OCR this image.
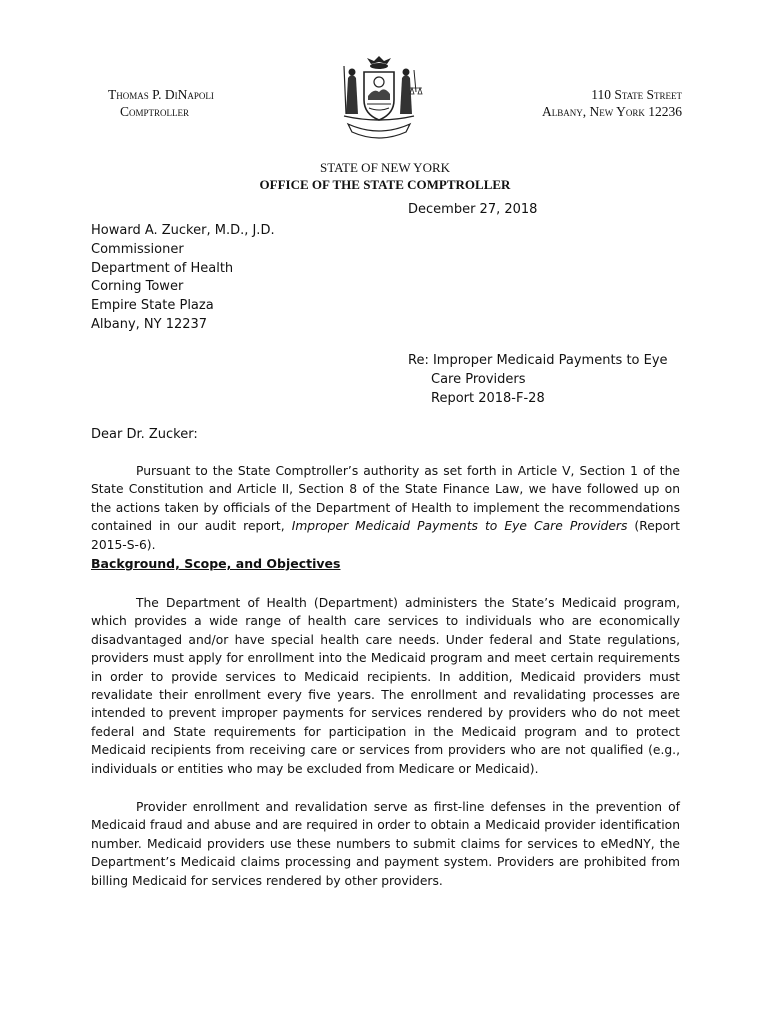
Thomas P. DiNapoli
Comptroller
110 State Street
Albany, New York 12236
STATE OF NEW YORK
OFFICE OF THE STATE COMPTROLLER
December 27, 2018
Howard A. Zucker, M.D., J.D.
Commissioner
Department of Health
Corning Tower
Empire State Plaza
Albany, NY 12237
Re: Improper Medicaid Payments to Eye
Care Providers
Report 2018-F-28
Dear Dr. Zucker:

Pursuant to the State Comptroller’s authority as set forth in Article V, Section 1 of the State Constitution and Article II, Section 8 of the State Finance Law, we have followed up on the actions taken by officials of the Department of Health to implement the recommendations contained in our audit report, Improper Medicaid Payments to Eye Care Providers (Report 2015-S-6).

Background, Scope, and Objectives

The Department of Health (Department) administers the State’s Medicaid program, which provides a wide range of health care services to individuals who are economically disadvantaged and/or have special health care needs. Under federal and State regulations, providers must apply for enrollment into the Medicaid program and meet certain requirements in order to provide services to Medicaid recipients. In addition, Medicaid providers must revalidate their enrollment every five years. The enrollment and revalidating processes are intended to prevent improper payments for services rendered by providers who do not meet federal and State requirements for participation in the Medicaid program and to protect Medicaid recipients from receiving care or services from providers who are not qualified (e.g., individuals or entities who may be excluded from Medicare or Medicaid).

Provider enrollment and revalidation serve as first-line defenses in the prevention of Medicaid fraud and abuse and are required in order to obtain a Medicaid provider identification number. Medicaid providers use these numbers to submit claims for services to eMedNY, the Department’s Medicaid claims processing and payment system. Providers are prohibited from billing Medicaid for services rendered by other providers.
